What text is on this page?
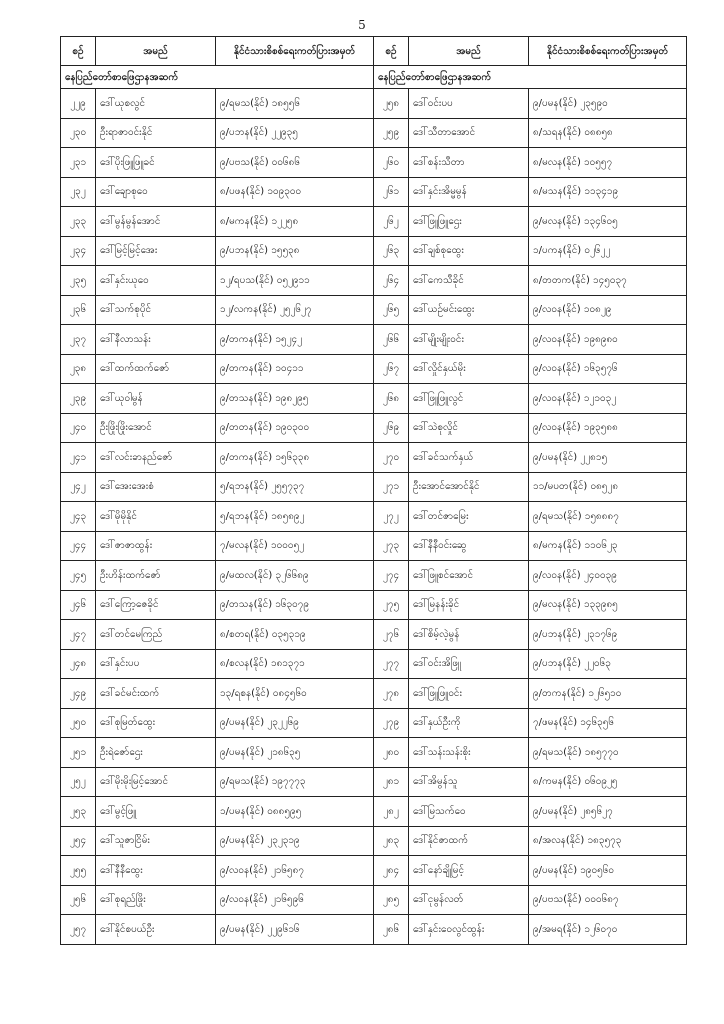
5
စဉ်	အမည်	နိုင်ငံသားစိစစ်ရေးကတ်ပြားအမှတ်	စဉ်	အမည်	နိုင်ငံသားစိစစ်ရေးကတ်ပြားအမှတ်
နေပြည်တော်စာဖြေဌာနအဆက်			နေပြည်တော်စာဖြေဌာနအဆက်		
၂၂၉	ဒေါ်ယုစလွင်	၉/ရမသ(နိုင်) ၁၈၅၅၆	၂၅၈	ဒေါ်ဝင်းပပ	၉/ပမန(နိုင်) ၂၃၅၉၀
၂၃၀	ဦးရာဇာဝင်းနိုင်	၉/ပဘန(နိုင်) ၂၂၉၃၅	၂၅၉	ဒေါ်သီတာအောင်	၈/သရန(နိုင်) ၀၈၈၅၈
၂၃၁	ဒေါ်ပိုးဖြူဖြူခင်	၉/ပဗသ(နိုင်) ၀၀၆၈၆	၂၆၀	ဒေါ်စန်းသီတာ	၈/မလန(နိုင်) ၁၀၅၅၇
၂၃၂	ဒေါ်ချောစုဝေ	၈/ပဖန(နိုင်) ၁၀၉၃၀၀	၂၆၁	ဒေါ်နှင်းအိမ္မမွန်	၈/မသန(နိုင်) ၁၁၃၄၁၉
၂၃၃	ဒေါ်မွန်မွန်အောင်	၈/မကန(နိုင်) ၁၂၂၅၈	၂၆၂	ဒေါ်ဖြူဖြူဌေး	၉/မလန(နိုင်) ၁၃၄၆၀၅
၂၃၄	ဒေါ်မြင့်မြင့်အေး	၉/ပဘန(နိုင်) ၁၅၅၃၈	၂၆၃	ဒေါ်ချစ်စုထွေး	၁/ပကန(နိုင်) ၀၂၆၂၂
၂၃၅	ဒေါ်နှင်းယုဝေ	၁၂/ရပသ(နိုင်) ၀၅၂၉၁၁	၂၆၄	ဒေါ်ကေသီခိုင်	၈/တတက(နိုင်) ၁၄၅၀၃၇
၂၃၆	ဒေါ်သက်စုပိုင်	၁၂/လကန(နိုင်) ၂၅၂၆၂၇	၂၆၅	ဒေါ်ယဉ်မင်းထွေး	၉/လဝန(နိုင်) ၁၀၈၂၉
၂၃၇	ဒေါ်နီလာသန်း	၉/တကန(နိုင်) ၁၅၂၄၂	၂၆၆	ဒေါ်မျိုးမျိုးဝင်း	၉/လဝန(နိုင်) ၁၉၈၉၈၀
၂၃၈	ဒေါ်ထက်ထက်ဇော်	၉/တကန(နိုင်) ၁၀၄၁၁	၂၆၇	ဒေါ်လှိုင်နှယ်မိုး	၉/လဝန(နိုင်) ၁၆၃၅၇၆
၂၃၉	ဒေါ်ယုဝါမွန်	၉/တသန(နိုင်) ၁၉၈၂၉၅	၂၆၈	ဒေါ်ဖြူဖြူလွင်	၉/လဝန(နိုင်) ၁၂၁၀၃၂
၂၄၀	ဦးဖြိုးဖြိုးအောင်	၉/တတန(နိုင်) ၁၉၀၃၀၀	၂၆၉	ဒေါ်သဲစုလှိုင်	၉/လဝန(နိုင်) ၁၉၃၅၈၈
၂၄၁	ဒေါ်လင်းခာနည်ဇော်	၉/တကန(နိုင်) ၁၅၆၃၃၈	၂၇၀	ဒေါ်ခင်သက်နှယ်	၉/ပမန(နိုင်) ၂၂၈၁၅
၂၄၂	ဒေါ်အေးအေးစံ	၅/ရဘန(နိုင်) ၂၅၅၇၃၇	၂၇၁	ဦးအောင်အောင်နိုင်	၁၁/မပတ(နိုင်) ၀၈၅၂၈
၂၄၃	ဒေါ်မိုမိုနိုင်	၅/ရဘန(နိုင်) ၁၈၅၈၉၂	၂၇၂	ဒေါ်တင်ဇာမြေး	၉/ရမသ(နိုင်) ၁၅၈၈၈၇
၂၄၄	ဒေါ်ဇာဇာထွန်း	၇/မလန(နိုင်) ၁၀၀၀၅၂	၂၇၃	ဒေါ်နီနီဝင်းဆွေ	၈/မကန(နိုင်) ၁၁၀၆၂၃
၂၄၅	ဦးဟိန်းထက်ဇော်	၉/မထလ(နိုင်) ၃၂၆၆၈၉	၂၇၄	ဒေါ်ဖြူစင်အောင်	၉/လဝန(နိုင်) ၂၄၀၀၃၉
၂၄၆	ဒေါ်ကြော့ဇေခိုင်	၉/တသန(နိုင်) ၁၆၃၀၇၉	၂၇၅	ဒေါ်မြနန်းခိုင်	၉/မလန(နိုင်) ၁၃၃၉၈၅
၂၄၇	ဒေါ်တင်မေကြည်	၈/စတရ(နိုင်) ၀၃၅၃၁၉	၂၇၆	ဒေါ်စိမ့်လဲ့မွန်	၉/ပဘန(နိုင်) ၂၃၁၇၆၉
၂၄၈	ဒေါ်နှင်းပပ	၈/စလန(နိုင်) ၁၈၁၃၇၁	၂၇၇	ဒေါ်ဝင်းအိဖြူ	၉/ပဘန(နိုင်) ၂၂၀၆၃
၂၄၉	ဒေါ်ခင်မင်းထက်	၁၃/ရစန(နိုင်) ၀၈၄၅၆၀	၂၇၈	ဒေါ်ဖြူဖြူဝင်း	၉/တကန(နိုင်) ၁၂၆၅၁၀
၂၅၀	ဒေါ်စုမြတ်ထွေး	၉/ပမန(နိုင်) ၂၃၂၂၆၉	၂၇၉	ဒေါ်နှယ်ဦးကို	၇/ဖမန(နိုင်) ၁၄၆၃၅၆
၂၅၁	ဦးရဲဇော်ဌေး	၉/ပမန(နိုင်) ၂၁၈၆၃၅	၂၈၀	ဒေါ်သန်းသန်းစိုး	၉/ရမသ(နိုင်) ၁၈၅၇၇၀
၂၅၂	ဒေါ်မိုးမိုးမြင့်အောင်	၉/ရမသ(နိုင်) ၁၉၇၇၇၃	၂၈၁	ဒေါ်အိမွန်သူ	၈/ကမန(နိုင်) ၀၆၀၉၂၅
၂၅၃	ဒေါ်မွင့်ဖြူ	၁/ပမန(နိုင်) ၀၈၈၅၉၅	၂၈၂	ဒေါ်မြသက်ဝေ	၉/ပမန(နိုင်) ၂၈၅၆၂၇
၂၅၄	ဒေါ်သူဇာငြိမ်း	၉/ပမန(နိုင်) ၂၃၂၃၁၉	၂၈၃	ဒေါ်နိုင်ဇာထက်	၈/အလန(နိုင်) ၁၈၃၅၇၃
၂၅၅	ဒေါ်နီနီထွေး	၉/လဝန(နိုင်) ၂၁၆၅၈၇	၂၈၄	ဒေါ်နော်ချိုမြင့်	၉/ပမန(နိုင်) ၁၉၀၅၆၀
၂၅၆	ဒေါ်စုရည်ဖြိုး	၉/လဝန(နိုင်) ၂၁၆၅၉၆	၂၈၅	ဒေါ်ငုမွန်လတ်	၉/ပဗသ(နိုင်) ၀၀၀၆၈၇
၂၅၇	ဒေါ်နိုင်စပယ်ဦး	၉/ပမန(နိုင်) ၂၂၉၆၁၆	၂၈၆	ဒေါ်နှင်းဝေလွင်ထွန်း	၉/အမရ(နိုင်) ၁၂၆၀၇၀
